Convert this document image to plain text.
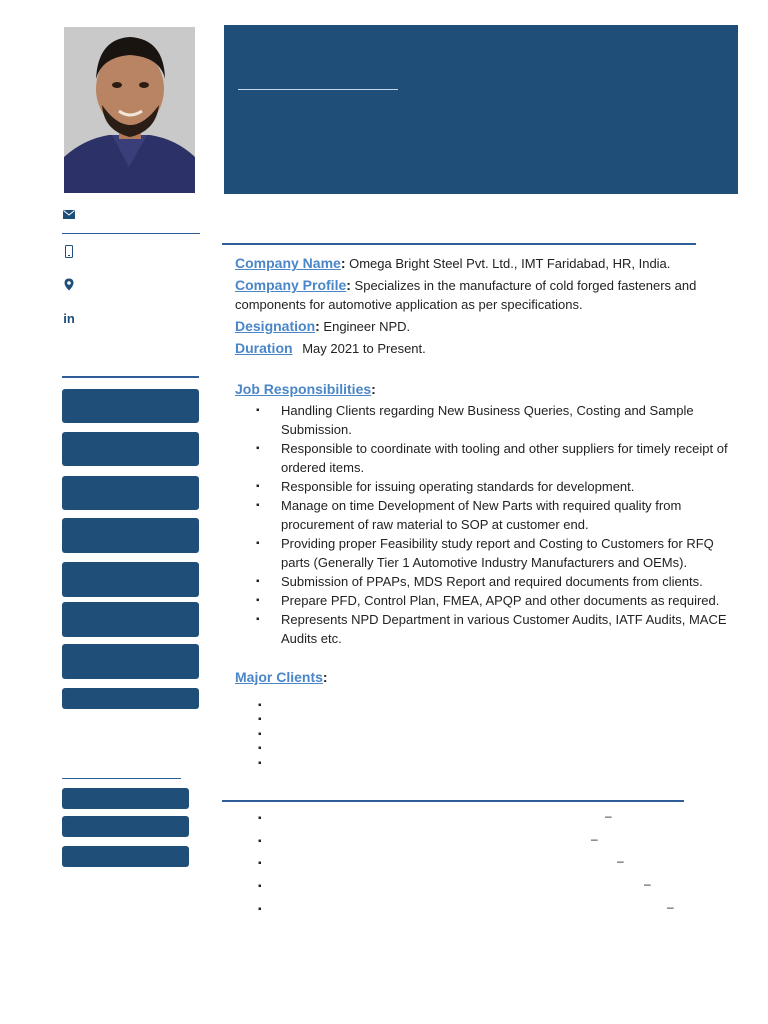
in
Company Name: Omega Bright Steel Pvt. Ltd., IMT Faridabad, HR, India.
Company Profile: Specializes in the manufacture of cold forged fasteners and components for automotive application as per specifications.
Designation: Engineer NPD.
Duration May 2021 to Present.
Job Responsibilities:
▪ Handling Clients regarding New Business Queries, Costing and Sample Submission.
▪ Responsible to coordinate with tooling and other suppliers for timely receipt of ordered items.
▪ Responsible for issuing operating standards for development.
▪ Manage on time Development of New Parts with required quality from procurement of raw material to SOP at customer end.
▪ Providing proper Feasibility study report and Costing to Customers for RFQ parts (Generally Tier 1 Automotive Industry Manufacturers and OEMs).
▪ Submission of PPAPs, MDS Report and required documents from clients.
▪ Prepare PFD, Control Plan, FMEA, APQP and other documents as required.
▪ Represents NPD Department in various Customer Audits, IATF Audits, MACE Audits etc.
Major Clients:
▪
▪
▪
▪
▪
▪	–
▪	–
▪	–
▪	–
▪	–
